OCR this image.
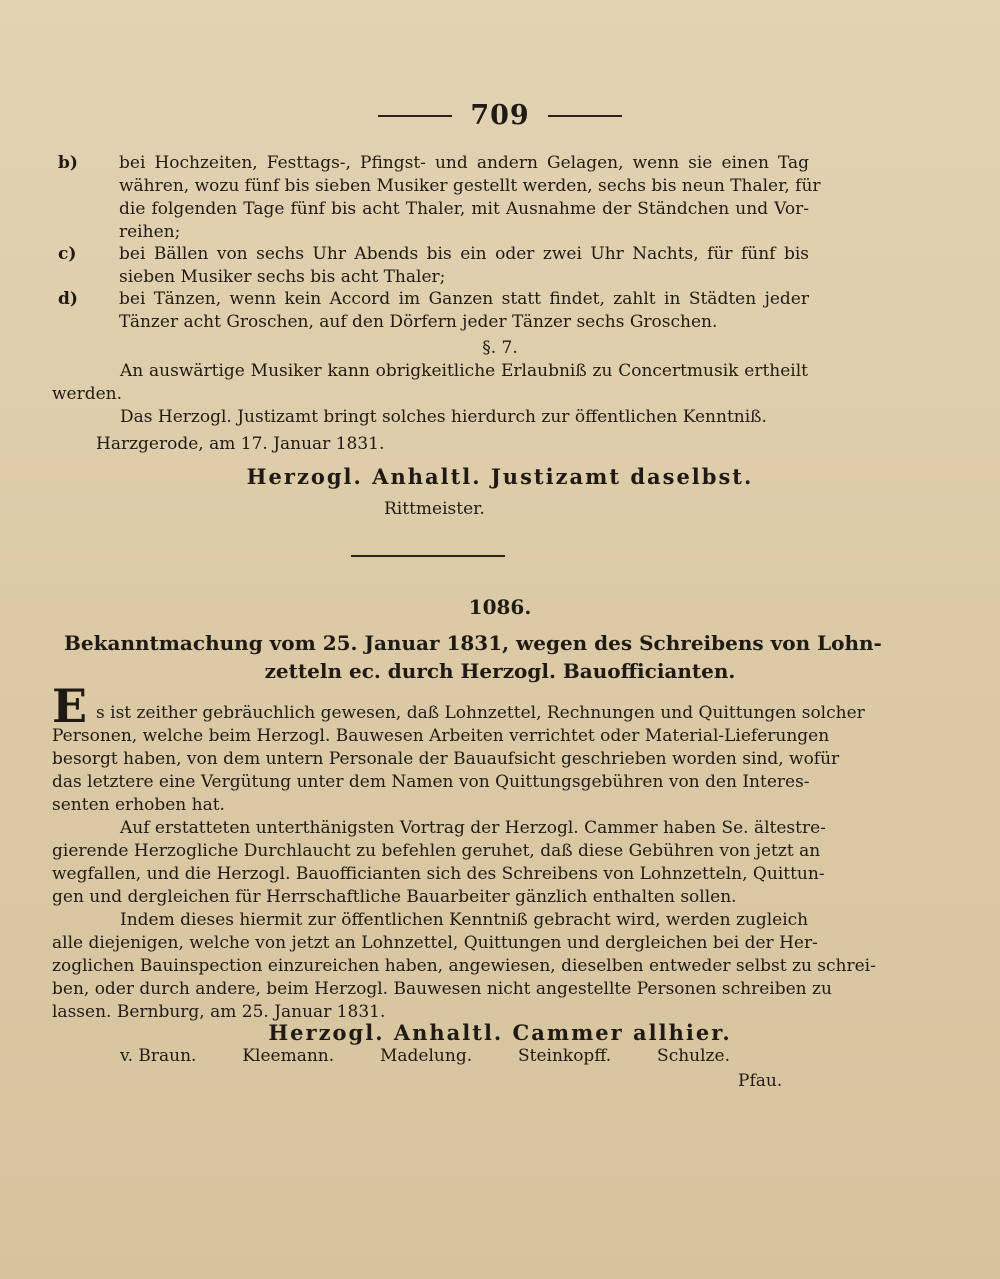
709
b) bei Hochzeiten, Festtags-, Pfingst- und andern Gelagen, wenn sie einen Tag
währen, wozu fünf bis sieben Musiker gestellt werden, sechs bis neun Thaler, für
die folgenden Tage fünf bis acht Thaler, mit Ausnahme der Ständchen und Vor-
reihen;
c)	bei Bällen von sechs Uhr Abends bis ein oder zwei Uhr Nachts, für fünf bis
sieben Musiker sechs bis acht Thaler;
d) bei Tänzen, wenn kein Accord im Ganzen statt findet, zahlt in Städten jeder
Tänzer acht Groschen, auf den Dörfern jeder Tänzer sechs Groschen.
§. 7.
An auswärtige Musiker kann obrigkeitliche Erlaubniß zu Concertmusik ertheilt
werden.
Das Herzogl. Justizamt bringt solches hierdurch zur öffentlichen Kenntniß.
Harzgerode, am 17. Januar 1831.
Herzogl. Anhaltl. Justizamt daselbst.
Rittmeister.
1086.
Bekanntmachung vom 25. Januar 1831, wegen des Schreibens von Lohn-
zetteln ec. durch Herzogl. Bauofficianten.
E s ist zeither gebräuchlich gewesen, daß Lohnzettel, Rechnungen und Quittungen solcher
Personen, welche beim Herzogl. Bauwesen Arbeiten verrichtet oder Material-Lieferungen
besorgt haben, von dem untern Personale der Bauaufsicht geschrieben worden sind, wofür
das letztere eine Vergütung unter dem Namen von Quittungsgebühren von den Interes-
senten erhoben hat.
Auf erstatteten unterthänigsten Vortrag der Herzogl. Cammer haben Se. ältestre-
gierende Herzogliche Durchlaucht zu befehlen geruhet, daß diese Gebühren von jetzt an
wegfallen, und die Herzogl. Bauofficianten sich des Schreibens von Lohnzetteln, Quittun-
gen und dergleichen für Herrschaftliche Bauarbeiter gänzlich enthalten sollen.
Indem dieses hiermit zur öffentlichen Kenntniß gebracht wird, werden zugleich
alle diejenigen, welche von jetzt an Lohnzettel, Quittungen und dergleichen bei der Her-
zoglichen Bauinspection einzureichen haben, angewiesen, dieselben entweder selbst zu schrei-
ben, oder durch andere, beim Herzogl. Bauwesen nicht angestellte Personen schreiben zu
lassen. Bernburg, am 25. Januar 1831.
Herzogl. Anhaltl. Cammer allhier.
v. Braun.	Kleemann.	Madelung.	Steinkopff.	Schulze.
Pfau.
